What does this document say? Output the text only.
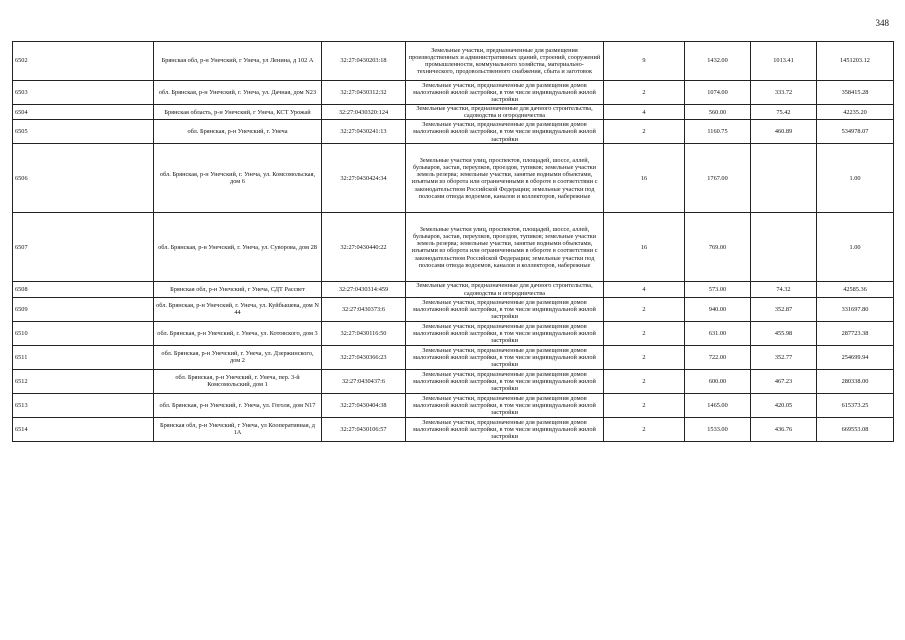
348
6502	Брянская обл, р-н Унечский, г Унеча, ул Ленина, д 102 А	32:27:0430203:18	Земельные участки, предназначенные для размещения производственных и административных зданий, строений, сооружений промышленности, коммунального хозяйства, материально-технического, продовольственного снабжения, сбыта и заготовок	9	1432.00	1013.41	1451203.12
6503	обл. Брянская, р-н Унечский, г. Унеча, ул. Дачная, дом N23	32:27:0430312:32	Земельные участки, предназначенные для размещения домов малоэтажной жилой застройки, в том числе индивидуальной жилой застройки	2	1074.00	333.72	358415.28
6504	Брянская область, р-н Унечский, г Унеча, КСТ Урожай	32:27:0430320:124	Земельные участки, предназначенные для дачного строительства, садоводства и огородничества	4	560.00	75.42	42235.20
6505	обл. Брянская, р-н Унечский, г. Унеча	32:27:0430241:13	Земельные участки, предназначенные для размещения домов малоэтажной жилой застройки, в том числе индивидуальной жилой застройки	2	1160.75	460.89	534978.07
6506	обл. Брянская, р-н Унечский, г. Унеча, ул. Комсомольская, дом 6	32:27:0430424:34	Земельные участки улиц, проспектов, площадей, шоссе, аллей, бульваров, застав, переулков, проездов, тупиков; земельные участки земель резерва; земельные участки, занятые водными объектами, изъятыми из оборота или ограниченными в обороте в соответствии с законодательством Российской Федерации; земельные участки под полосами отвода водоемов, каналов и коллекторов, набережные	16	1767.00		1.00
6507	обл. Брянская, р-н Унечский, г. Унеча, ул. Суворова, дом 28	32:27:0430440:22	Земельные участки улиц, проспектов, площадей, шоссе, аллей, бульваров, застав, переулков, проездов, тупиков; земельные участки земель резерва; земельные участки, занятые водными объектами, изъятыми из оборота или ограниченными в обороте в соответствии с законодательством Российской Федерации; земельные участки под полосами отвода водоемов, каналов и коллекторов, набережные	16	769.00		1.00
6508	Брянская обл, р-н Унечский, г Унеча, СДТ Рассвет	32:27:0430314:459	Земельные участки, предназначенные для дачного строительства, садоводства и огородничества	4	573.00	74.32	42585.36
6509	обл. Брянская, р-н Унечский, г. Унеча, ул. Куйбышева, дом N 44	32:27:0430373:6	Земельные участки, предназначенные для размещения домов малоэтажной жилой застройки, в том числе индивидуальной жилой застройки	2	940.00	352.87	331697.80
6510	обл. Брянская, р-н Унечский, г. Унеча, ул. Котовского, дом 3	32:27:0430116:50	Земельные участки, предназначенные для размещения домов малоэтажной жилой застройки, в том числе индивидуальной жилой застройки	2	631.00	455.98	287723.38
6511	обл. Брянская, р-н Унечский, г. Унеча, ул. Дзержинского, дом 2	32:27:0430366:23	Земельные участки, предназначенные для размещения домов малоэтажной жилой застройки, в том числе индивидуальной жилой застройки	2	722.00	352.77	254699.94
6512	обл. Брянская, р-н Унечский, г. Унеча, пер. 3-й Комсомольский, дом 1	32:27:0430437:6	Земельные участки, предназначенные для размещения домов малоэтажной жилой застройки, в том числе индивидуальной жилой застройки	2	600.00	467.23	280338.00
6513	обл. Брянская, р-н Унечский, г. Унеча, ул. Гоголя, дом N17	32:27:0430404:38	Земельные участки, предназначенные для размещения домов малоэтажной жилой застройки, в том числе индивидуальной жилой застройки	2	1465.00	420.05	615373.25
6514	Брянская обл, р-н Унечский, г Унеча, ул Кооперативная, д 1А	32:27:0430106:57	Земельные участки, предназначенные для размещения домов малоэтажной жилой застройки, в том числе индивидуальной жилой застройки	2	1533.00	436.76	669553.08
